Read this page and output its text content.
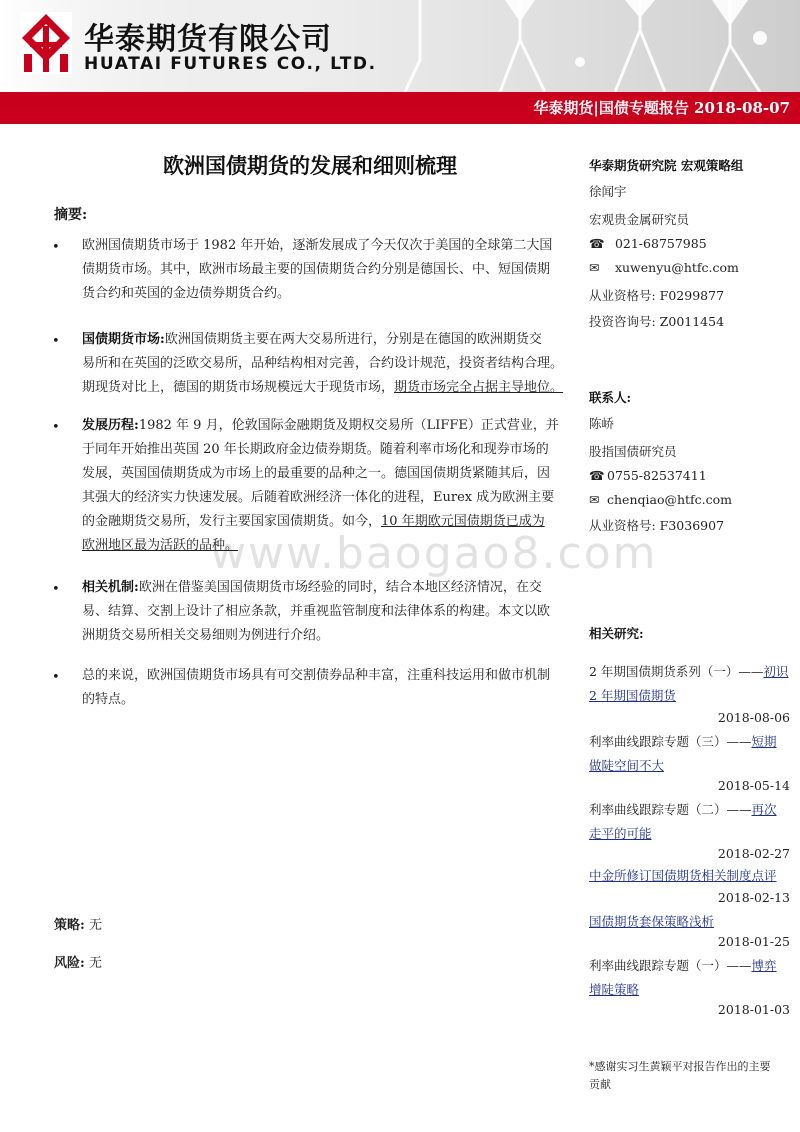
华泰期货有限公司
HUATAI FUTURES CO., LTD.
华泰期货|国债专题报告 2018-08-07
欧洲国债期货的发展和细则梳理
摘要:
www.baogao8.com
• 欧洲国债期货市场于 1982 年开始，逐渐发展成了今天仅次于美国的全球第二大国
债期货市场。其中，欧洲市场最主要的国债期货合约分别是德国长、中、短国债期
货合约和英国的金边债券期货合约。
• 国债期货市场:欧洲国债期货主要在两大交易所进行，分别是在德国的欧洲期货交
易所和在英国的泛欧交易所，品种结构相对完善，合约设计规范，投资者结构合理。
期现货对比上，德国的期货市场规模远大于现货市场，期货市场完全占据主导地位。
• 发展历程:1982 年 9 月，伦敦国际金融期货及期权交易所（LIFFE）正式营业，并
于同年开始推出英国 20 年长期政府金边债券期货。随着利率市场化和现券市场的
发展，英国国债期货成为市场上的最重要的品种之一。德国国债期货紧随其后，因
其强大的经济实力快速发展。后随着欧洲经济一体化的进程，Eurex 成为欧洲主要
的金融期货交易所，发行主要国家国债期货。如今，10 年期欧元国债期货已成为
欧洲地区最为活跃的品种。
• 相关机制:欧洲在借鉴美国国债期货市场经验的同时，结合本地区经济情况，在交
易、结算、交割上设计了相应条款，并重视监管制度和法律体系的构建。本文以欧
洲期货交易所相关交易细则为例进行介绍。
• 总的来说，欧洲国债期货市场具有可交割债券品种丰富，注重科技运用和做市机制
的特点。
策略: 无
风险: 无
华泰期货研究院 宏观策略组
徐闻宇
宏观贵金属研究员
☎ 021-68757985
✉ xuwenyu@htfc.com
从业资格号: F0299877
投资咨询号: Z0011454
联系人:
陈峤
股指国债研究员
☎ 0755-82537411
✉ chenqiao@htfc.com
从业资格号: F3036907
相关研究:
2 年期国债期货系列（一）——初识
2 年期国债期货
2018-08-06
利率曲线跟踪专题（三）——短期
做陡空间不大
2018-05-14
利率曲线跟踪专题（二）——再次
走平的可能
2018-02-27
中金所修订国债期货相关制度点评
2018-02-13
国债期货套保策略浅析
2018-01-25
利率曲线跟踪专题（一）——博弈
增陡策略
2018-01-03
*感谢实习生黄颖平对报告作出的主要
贡献
